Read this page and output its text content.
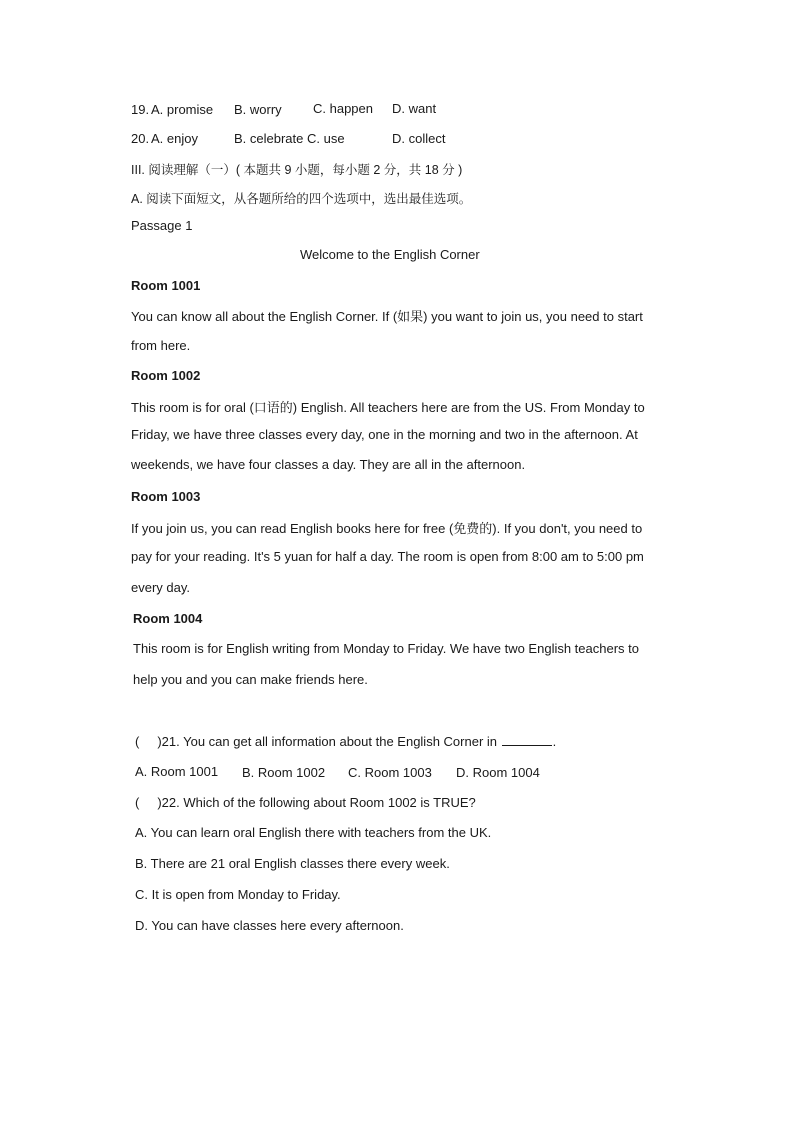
19. A. promise B. worry C. happen D. want
20. A. enjoy	B. celebrate C. use	D. collect
III. 阅读理解（一）( 本题共 9 小题，每小题 2 分，共 18 分 )
A. 阅读下面短文，从各题所给的四个选项中，选出最佳选项。
Passage 1
Welcome to the English Corner
Room 1001
You can know all about the English Corner. If (如果) you want to join us, you need to start
from here.
Room 1002
This room is for oral (口语的) English. All teachers here are from the US. From Monday to
Friday, we have three classes every day, one in the morning and two in the afternoon. At
weekends, we have four classes a day. They are all in the afternoon.
Room 1003
If you join us, you can read English books here for free (免费的). If you don't, you need to
pay for your reading. It's 5 yuan for half a day. The room is open from 8:00 am to 5:00 pm
every day.
Room 1004
This room is for English writing from Monday to Friday. We have two English teachers to
help you and you can make friends here.
( )21. You can get all information about the English Corner in	.
A. Room 1001 B. Room 1002 C. Room 1003 D. Room 1004
( )22. Which of the following about Room 1002 is TRUE?
A. You can learn oral English there with teachers from the UK.
B. There are 21 oral English classes there every week.
C. It is open from Monday to Friday.
D. You can have classes here every afternoon.
